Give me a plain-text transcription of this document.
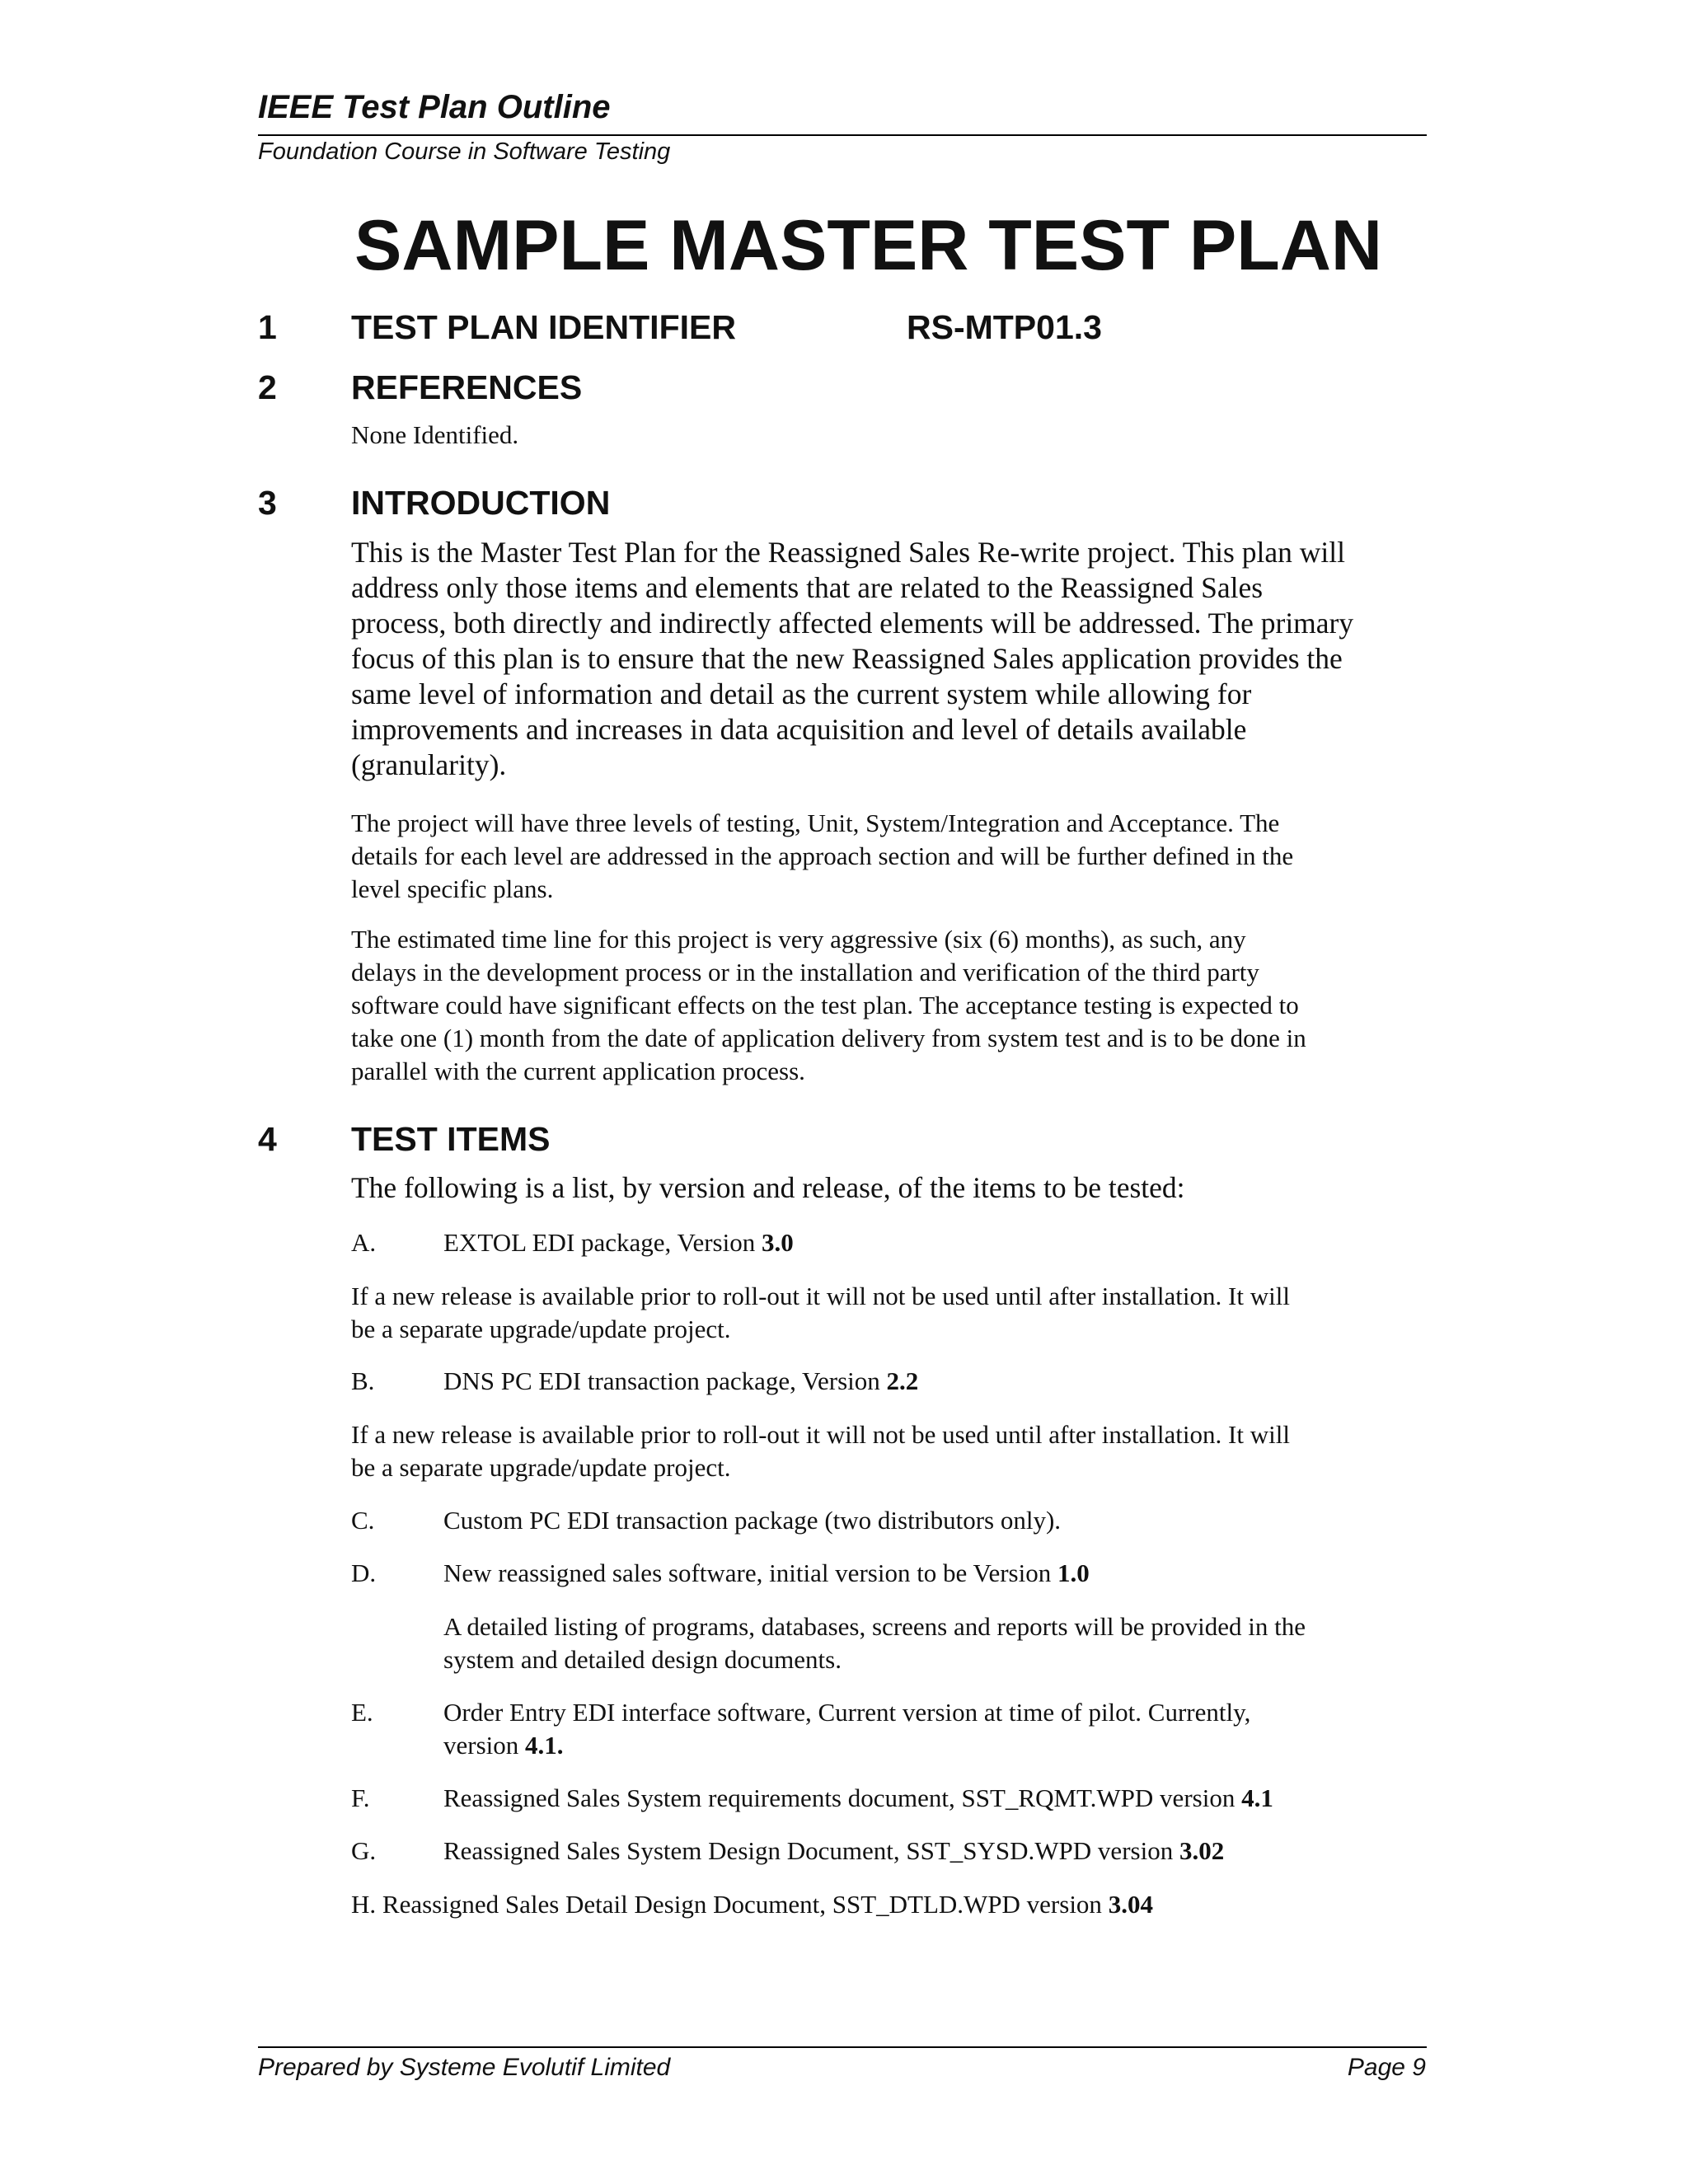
IEEE Test Plan Outline
Foundation Course in Software Testing
SAMPLE MASTER TEST PLAN
1 TEST PLAN IDENTIFIER	RS-MTP01.3
2 REFERENCES
None Identified.
3 INTRODUCTION
This is the Master Test Plan for the Reassigned Sales Re-write project. This plan will
address only those items and elements that are related to the Reassigned Sales
process, both directly and indirectly affected elements will be addressed. The primary
focus of this plan is to ensure that the new Reassigned Sales application provides the
same level of information and detail as the current system while allowing for
improvements and increases in data acquisition and level of details available
(granularity).
The project will have three levels of testing, Unit, System/Integration and Acceptance. The
details for each level are addressed in the approach section and will be further defined in the
level specific plans.
The estimated time line for this project is very aggressive (six (6) months), as such, any
delays in the development process or in the installation and verification of the third party
software could have significant effects on the test plan. The acceptance testing is expected to
take one (1) month from the date of application delivery from system test and is to be done in
parallel with the current application process.
4 TEST ITEMS
The following is a list, by version and release, of the items to be tested:
A.	EXTOL EDI package, Version 3.0
If a new release is available prior to roll-out it will not be used until after installation. It will
be a separate upgrade/update project.
B.	DNS PC EDI transaction package, Version 2.2
If a new release is available prior to roll-out it will not be used until after installation. It will
be a separate upgrade/update project.
C.	Custom PC EDI transaction package (two distributors only).
D.	New reassigned sales software, initial version to be Version 1.0
A detailed listing of programs, databases, screens and reports will be provided in the
system and detailed design documents.
E.	Order Entry EDI interface software, Current version at time of pilot. Currently,
version 4.1.
F.	Reassigned Sales System requirements document, SST_RQMT.WPD version 4.1
G.	Reassigned Sales System Design Document, SST_SYSD.WPD version 3.02
H. Reassigned Sales Detail Design Document, SST_DTLD.WPD version 3.04
Prepared by Systeme Evolutif Limited	Page 9
